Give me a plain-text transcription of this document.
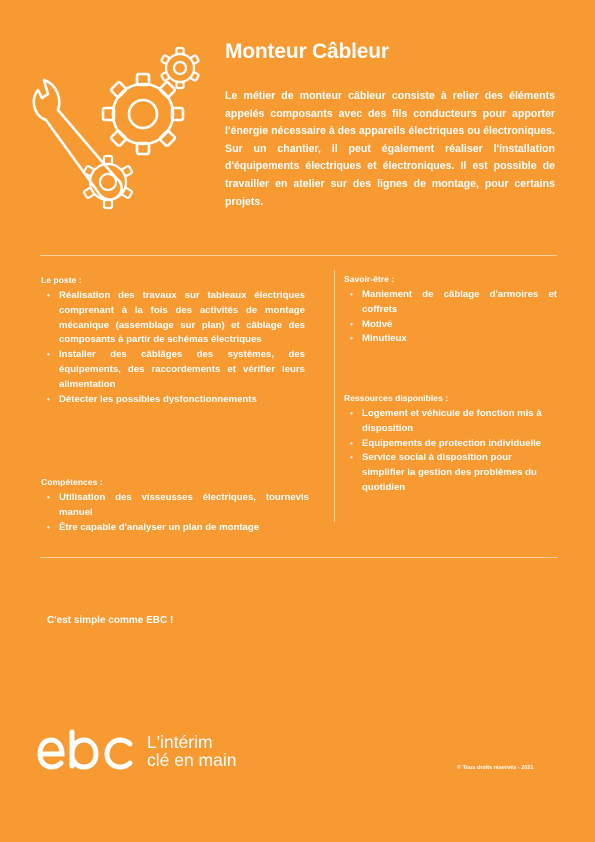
Monteur Câbleur

Le métier de monteur câbleur consiste à relier des éléments appelés composants avec des fils conducteurs pour apporter l'énergie nécessaire à des appareils électriques ou électroniques. Sur un chantier, il peut également réaliser l'installation d'équipements électriques et électroniques. Il est possible de travailler en atelier sur des lignes de montage, pour certains projets.

Le poste :

• Réalisation des travaux sur tableaux électriques comprenant à la fois des activités de montage mécanique (assemblage sur plan) et câblage des composants à partir de schémas électriques
• Installer des câblâges des systèmes, des équipements, des raccordements et vérifier leurs alimentation
• Détecter les possibles dysfonctionnements

Compétences :

• Utilisation des visseusses électriques, tournevis manuel
• Être capable d'analyser un plan de montage

Savoir-être :

• Maniement de câblage d'armoires et coffrets
• Motivé
• Minutieux

Ressources disponibles :

• Logement et véhicule de fonction mis à disposition
• Equipements de protection individuelle
• Service social à disposition pour simplifier la gestion des problèmes du quotidien

C'est simple comme EBC !

L'intérim
clé en main	© Tous droits réservés - 2021
